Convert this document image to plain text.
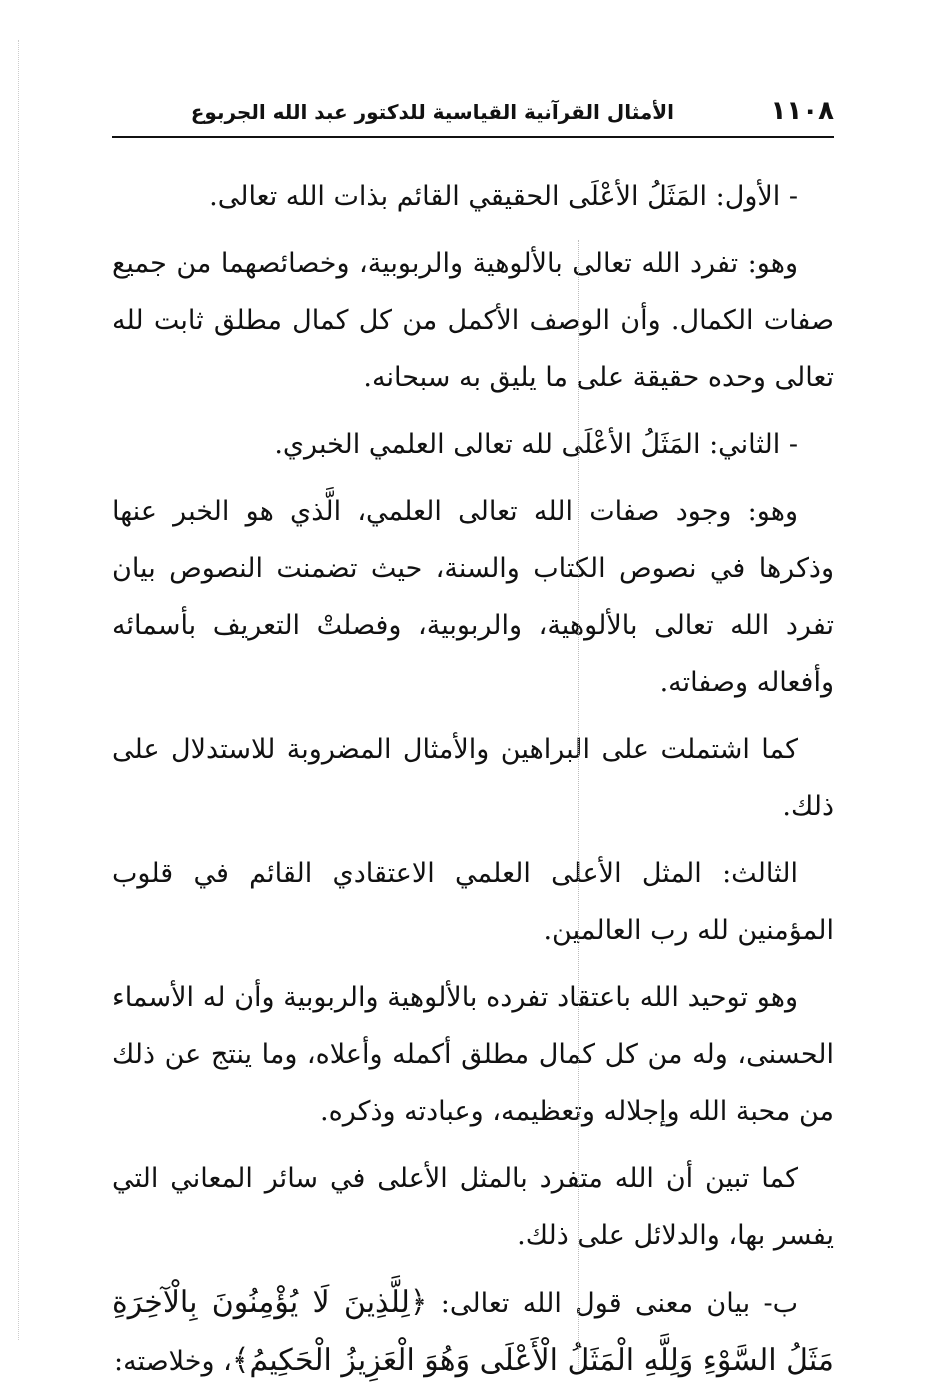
١١٠٨
الأمثال القرآنية القياسية للدكتور عبد الله الجربوع

- الأول: المَثَلُ الأعْلَى الحقيقي القائم بذات الله تعالى.

وهو: تفرد الله تعالى بالألوهية والربوبية، وخصائصهما من جميع صفات الكمال. وأن الوصف الأكمل من كل كمال مطلق ثابت لله تعالى وحده حقيقة على ما يليق به سبحانه.

- الثاني: المَثَلُ الأعْلَى لله تعالى العلمي الخبري.

وهو: وجود صفات الله تعالى العلمي، الَّذي هو الخبر عنها وذكرها في نصوص الكتاب والسنة، حيث تضمنت النصوص بيان تفرد الله تعالى بالألوهية، والربوبية، وفصلتْ التعريف بأسمائه وأفعاله وصفاته.

كما اشتملت على البراهين والأمثال المضروبة للاستدلال على ذلك.

الثالث: المثل الأعلى العلمي الاعتقادي القائم في قلوب المؤمنين لله رب العالمين.

وهو توحيد الله باعتقاد تفرده بالألوهية والربوبية وأن له الأسماء الحسنى، وله من كل كمال مطلق أكمله وأعلاه، وما ينتج عن ذلك من محبة الله وإجلاله وتعظيمه، وعبادته وذكره.

كما تبين أن الله متفرد بالمثل الأعلى في سائر المعاني التي يفسر بها، والدلائل على ذلك.

ب- بيان معنى قول الله تعالى: ﴿لِلَّذِينَ لَا يُؤْمِنُونَ بِالْآخِرَةِ مَثَلُ السَّوْءِ وَلِلَّهِ الْمَثَلُ الْأَعْلَى وَهُوَ الْعَزِيزُ الْحَكِيمُ﴾، وخلاصته:
